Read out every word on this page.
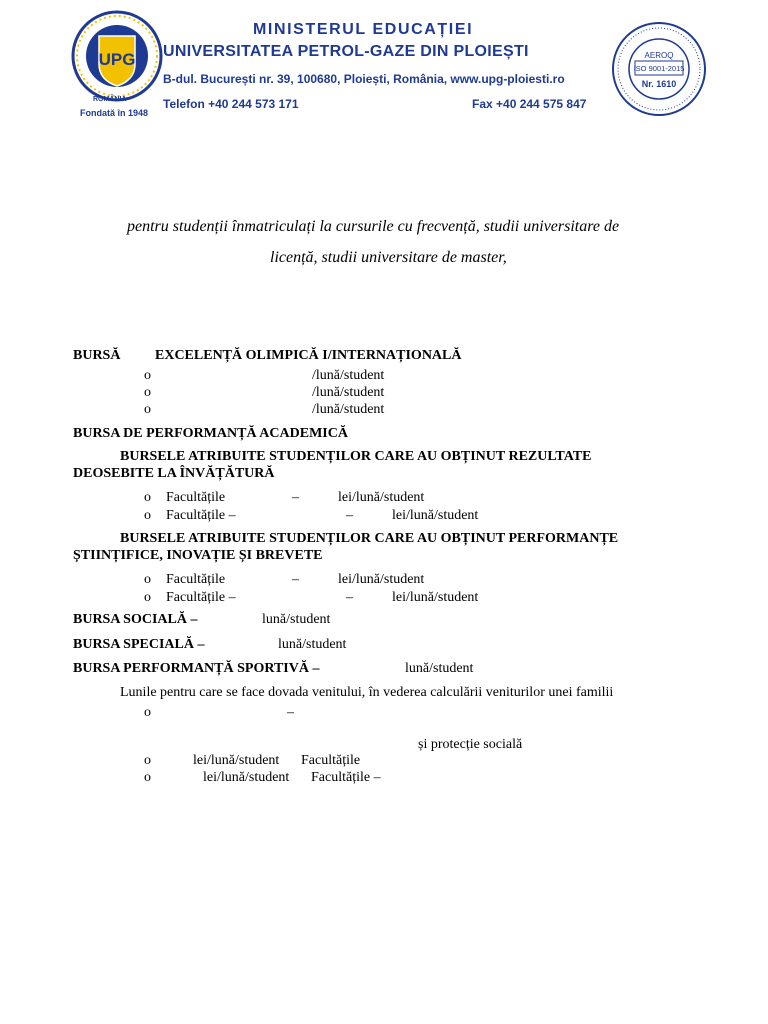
UPG
ROMÂNIA
Fondată în 1948
MINISTERUL EDUCAȚIEI
UNIVERSITATEA PETROL-GAZE DIN PLOIEȘTI
B-dul. București nr. 39, 100680, Ploiești, România, www.upg-ploiesti.ro
Telefon +40 244 573 171	Fax +40 244 575 847
AEROQ
ISO 9001-2015
Nr. 1610
pentru studenții înmatriculați la cursurile cu frecvență, studii universitare de
licență, studii universitare de master,
BURSĂ EXCELENȚĂ OLIMPICĂ I/INTERNAȚIONALĂ
o	/lună/student
o	/lună/student
o	/lună/student
BURSA DE PERFORMANȚĂ ACADEMICĂ
BURSELE ATRIBUITE STUDENȚILOR CARE AU OBȚINUT REZULTATE
DEOSEBITE LA ÎNVĂȚĂTURĂ
o Facultățile	–	lei/lună/student
o Facultățile –	–	lei/lună/student
BURSELE ATRIBUITE STUDENȚILOR CARE AU OBȚINUT PERFORMANȚE
ȘTIINȚIFICE, INOVAȚIE ȘI BREVETE
o Facultățile	–	lei/lună/student
o Facultățile –	–	lei/lună/student
BURSA SOCIALĂ –	lună/student
BURSA SPECIALĂ –	lună/student
BURSA PERFORMANȚĂ SPORTIVĂ –	lună/student
Lunile pentru care se face dovada venitului, în vederea calculării veniturilor unei familii
o	–
și protecție socială
o	lei/lună/student Facultățile
o	lei/lună/student Facultățile –
